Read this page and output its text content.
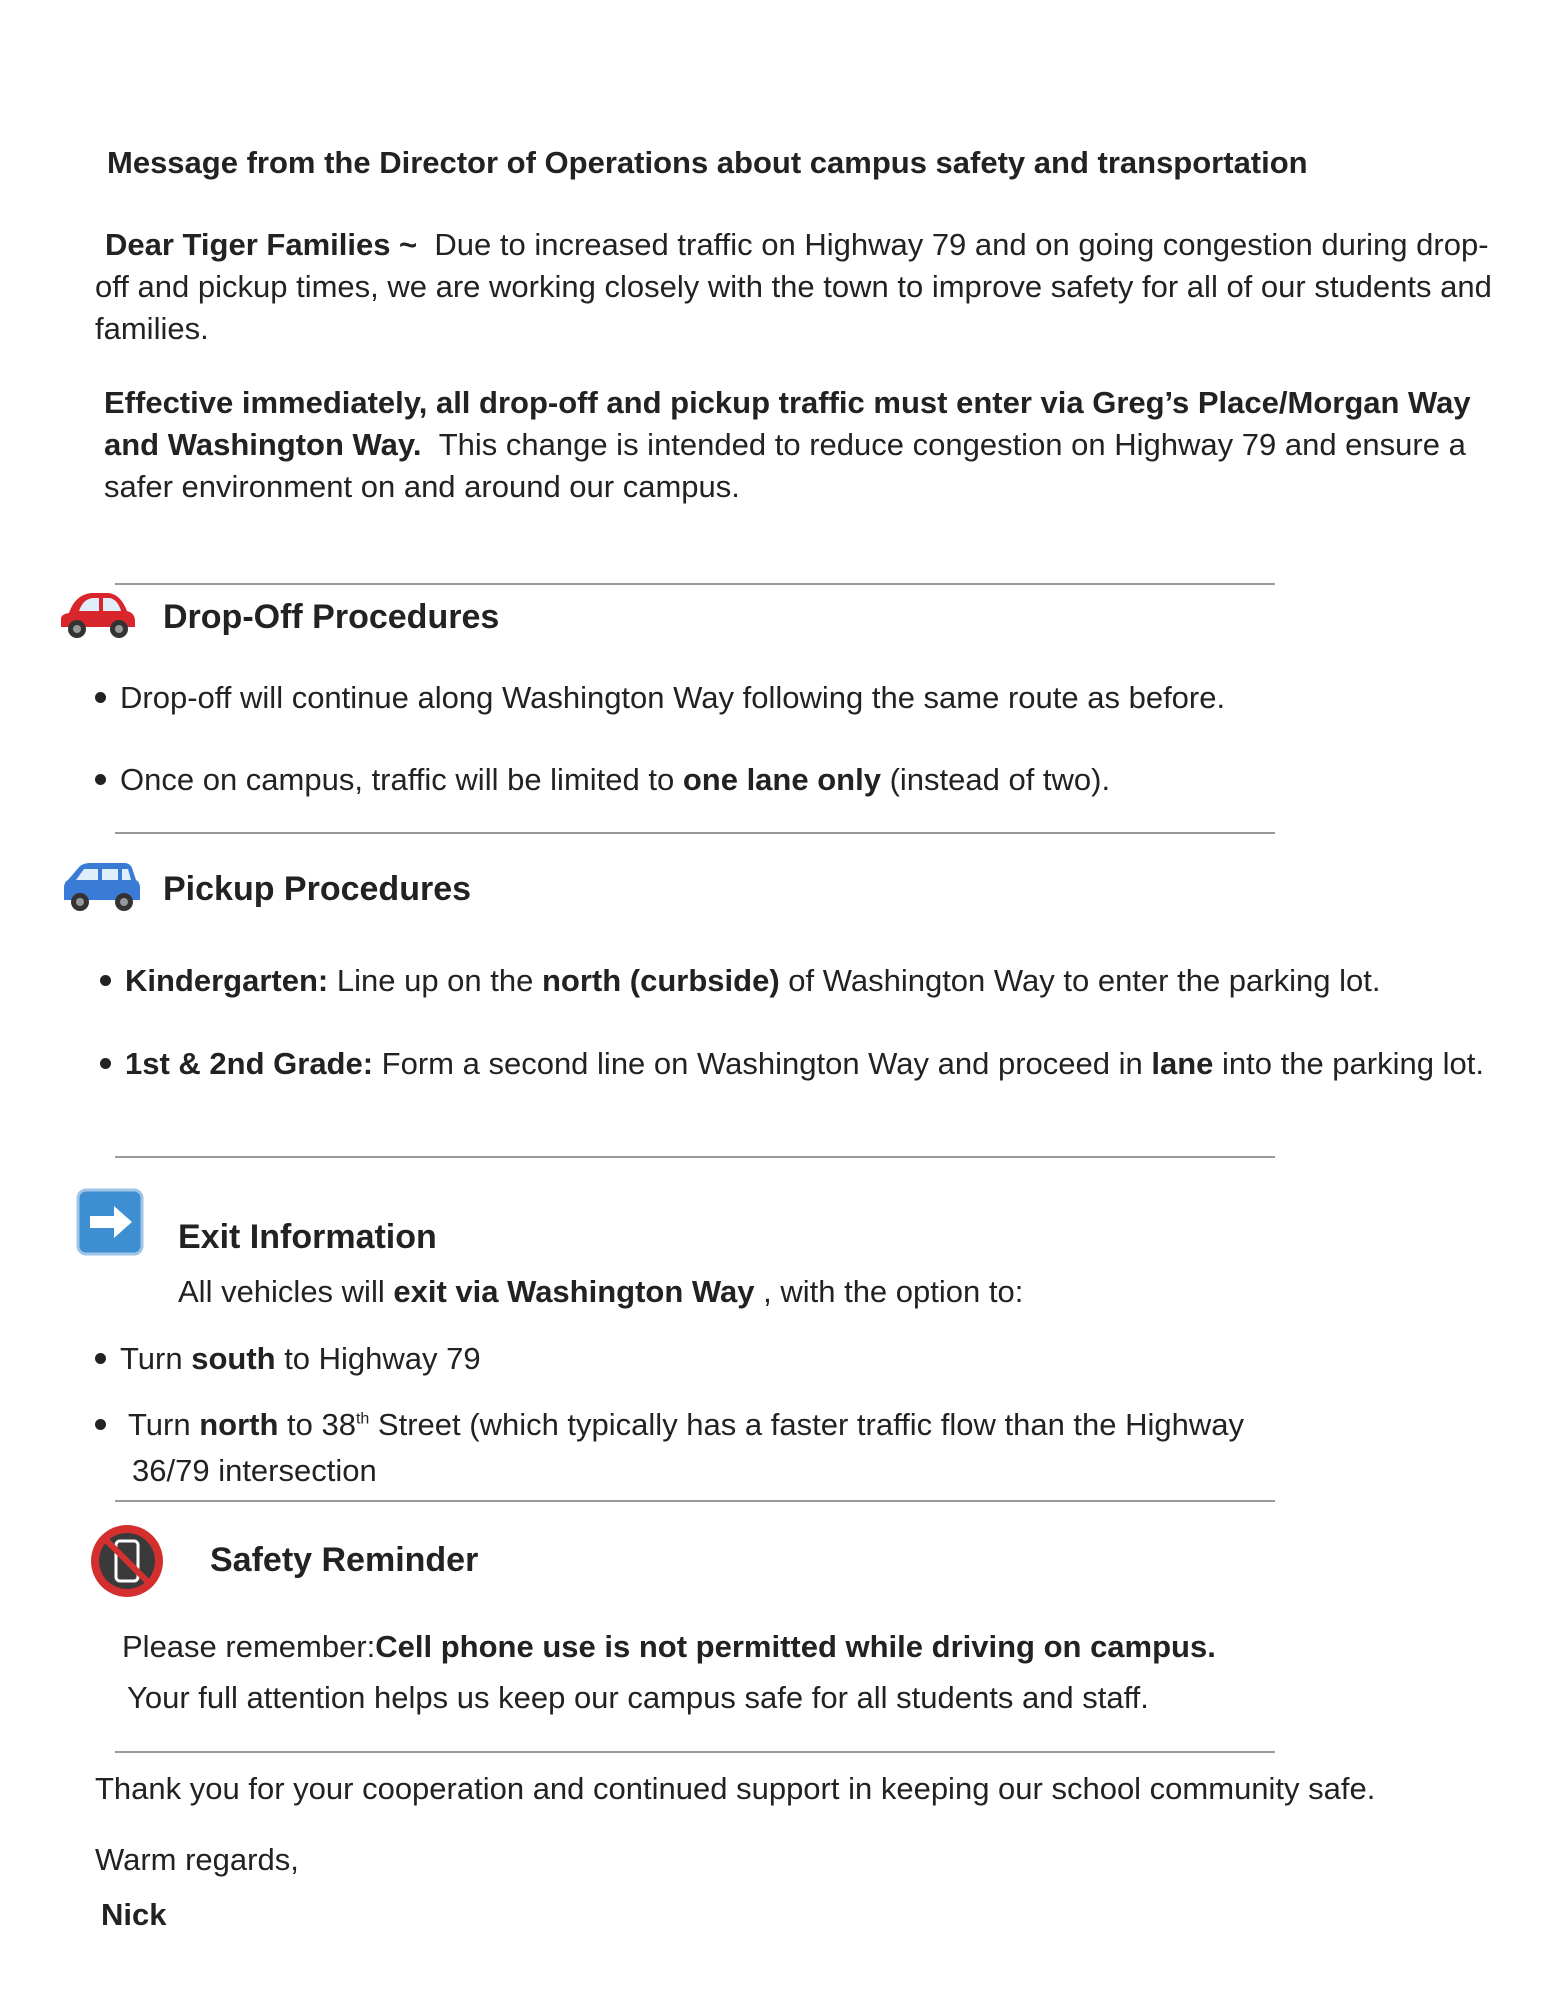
Message from the Director of Operations about campus safety and transportation
Dear Tiger Families ~ Due to increased traffic on Highway 79 and on going congestion during drop-off and pickup times, we are working closely with the town to improve safety for all of our students and families.
Effective immediately, all drop-off and pickup traffic must enter via Greg’s Place/Morgan Way and Washington Way. This change is intended to reduce congestion on Highway 79 and ensure a safer environment on and around our campus.
Drop-Off Procedures
Drop-off will continue along Washington Way following the same route as before.
Once on campus, traffic will be limited to one lane only (instead of two).
Pickup Procedures
Kindergarten: Line up on the north (curbside) of Washington Way to enter the parking lot.
1st & 2nd Grade: Form a second line on Washington Way and proceed in lane into the parking lot.
Exit Information
All vehicles will exit via Washington Way , with the option to:
Turn south to Highway 79
Turn north to 38th Street (which typically has a faster traffic flow than the Highway
36/79 intersection
Safety Reminder
Please remember:Cell phone use is not permitted while driving on campus.
Your full attention helps us keep our campus safe for all students and staff.
Thank you for your cooperation and continued support in keeping our school community safe.
Warm regards,
Nick
